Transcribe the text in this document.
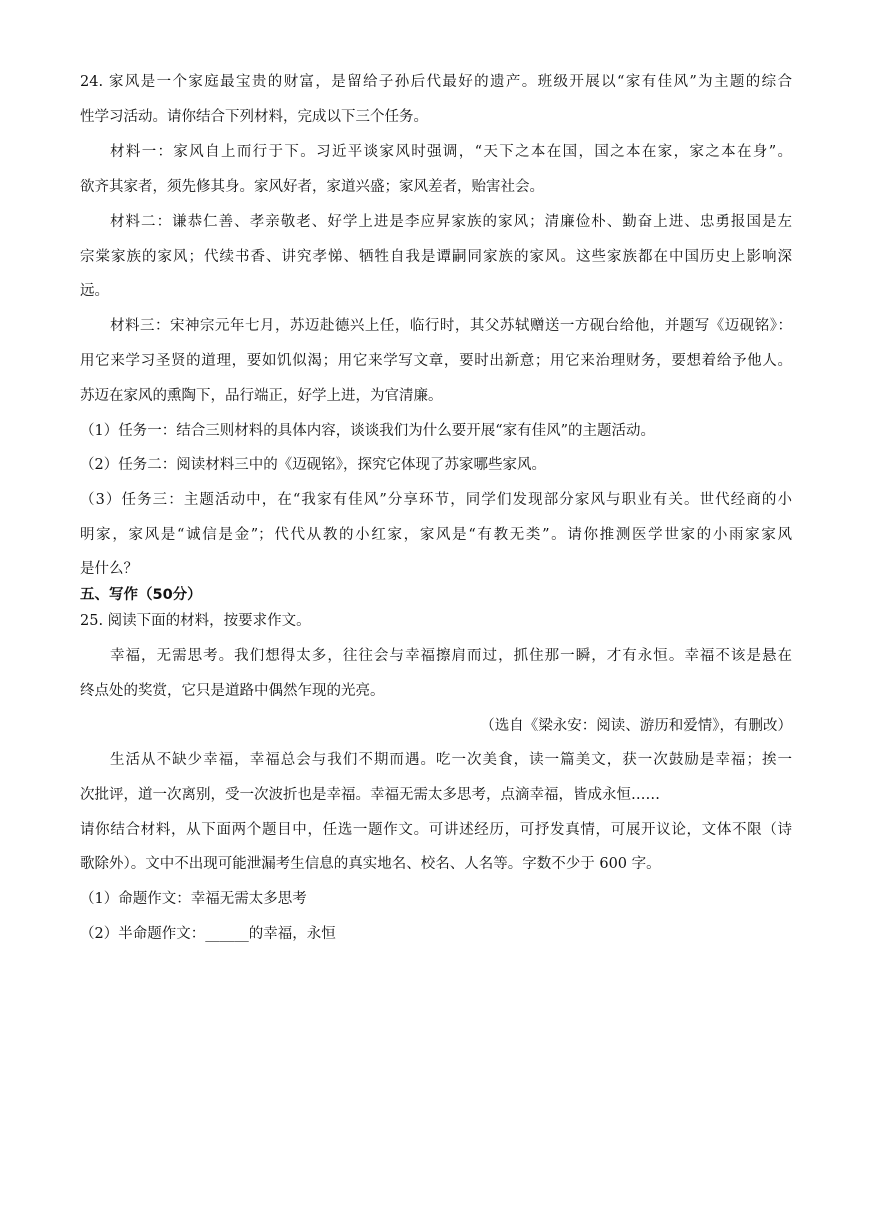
24. 家风是一个家庭最宝贵的财富，是留给子孙后代最好的遗产。班级开展以“家有佳风”为主题的综合
性学习活动。请你结合下列材料，完成以下三个任务。
材料一：家风自上而行于下。习近平谈家风时强调，“天下之本在国，国之本在家，家之本在身”。
欲齐其家者，须先修其身。家风好者，家道兴盛；家风差者，贻害社会。
材料二：谦恭仁善、孝亲敬老、好学上进是李应昇家族的家风；清廉俭朴、勤奋上进、忠勇报国是左
宗棠家族的家风；代续书香、讲究孝悌、牺牲自我是谭嗣同家族的家风。这些家族都在中国历史上影响深
远。
材料三：宋神宗元年七月，苏迈赴德兴上任，临行时，其父苏轼赠送一方砚台给他，并题写《迈砚铭》：
用它来学习圣贤的道理，要如饥似渴；用它来学写文章，要时出新意；用它来治理财务，要想着给予他人。
苏迈在家风的熏陶下，品行端正，好学上进，为官清廉。
（1）任务一：结合三则材料的具体内容，谈谈我们为什么要开展“家有佳风”的主题活动。
（2）任务二：阅读材料三中的《迈砚铭》，探究它体现了苏家哪些家风。
（3）任务三：主题活动中，在“我家有佳风”分享环节，同学们发现部分家风与职业有关。世代经商的小
明家，家风是“诚信是金”；代代从教的小红家，家风是“有教无类”。请你推测医学世家的小雨家家风
是什么？
五、写作（50分）
25. 阅读下面的材料，按要求作文。
幸福，无需思考。我们想得太多，往往会与幸福擦肩而过，抓住那一瞬，才有永恒。幸福不该是悬在
终点处的奖赏，它只是道路中偶然乍现的光亮。
（选自《梁永安：阅读、游历和爱情》，有删改）
生活从不缺少幸福，幸福总会与我们不期而遇。吃一次美食，读一篇美文，获一次鼓励是幸福；挨一
次批评，道一次离别，受一次波折也是幸福。幸福无需太多思考，点滴幸福，皆成永恒……
请你结合材料，从下面两个题目中，任选一题作文。可讲述经历，可抒发真情，可展开议论，文体不限（诗
歌除外）。文中不出现可能泄漏考生信息的真实地名、校名、人名等。字数不少于 600 字。
（1）命题作文：幸福无需太多思考
（2）半命题作文：______的幸福，永恒
